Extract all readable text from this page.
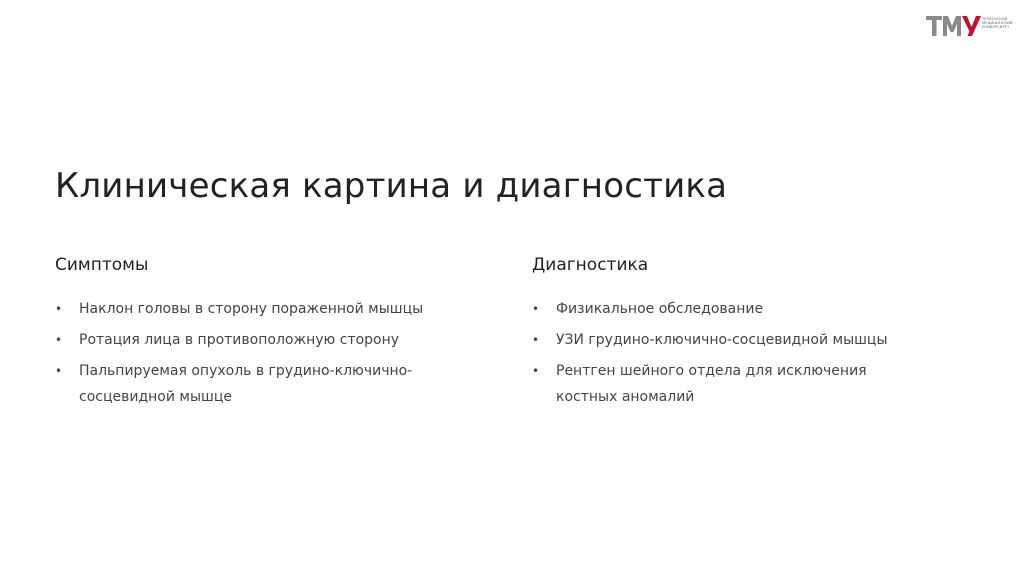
ТЮМЕНСКИЙ
МЕДИЦИНСКИЙ
УНИВЕРСИТЕТ
Клиническая картина и диагностика
Симптомы
• Наклон головы в сторону пораженной мышцы
• Ротация лица в противоположную сторону
• Пальпируемая опухоль в грудино-ключично-сосцевидной мышце
Диагностика
• Физикальное обследование
• УЗИ грудино-ключично-сосцевидной мышцы
• Рентген шейного отдела для исключения костных аномалий
